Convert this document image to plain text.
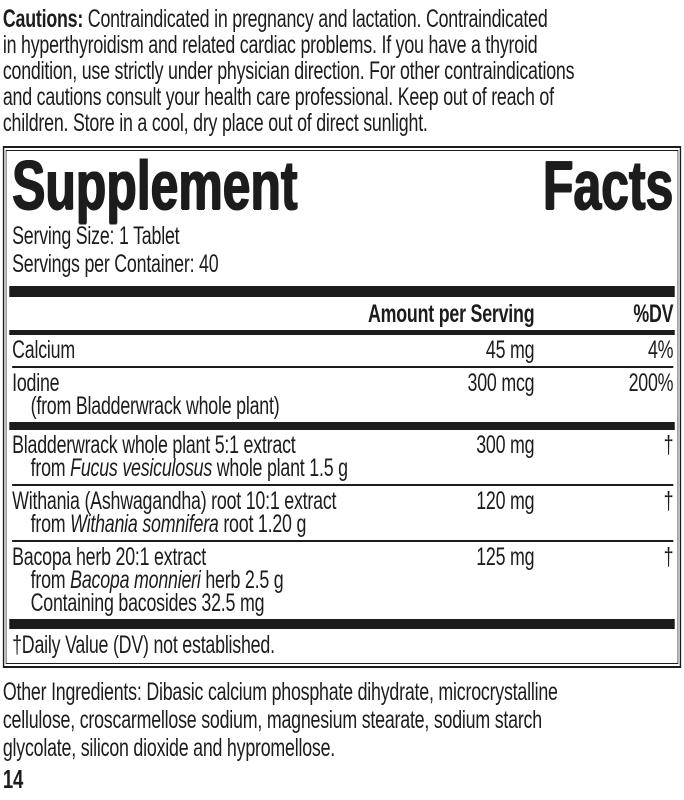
Cautions: Contraindicated in pregnancy and lactation. Contraindicated
in hyperthyroidism and related cardiac problems. If you have a thyroid
condition, use strictly under physician direction. For other contraindications
and cautions consult your health care professional. Keep out of reach of
children. Store in a cool, dry place out of direct sunlight.
Supplement	Facts
Serving Size: 1 Tablet
Servings per Container: 40
Amount per Serving	%DV
Calcium	45 mg	4%
Iodine	300 mcg	200%
(from Bladderwrack whole plant)
Bladderwrack whole plant 5:1 extract	300 mg	†
from Fucus vesiculosus whole plant 1.5 g
Withania (Ashwagandha) root 10:1 extract	120 mg	†
from Withania somnifera root 1.20 g
Bacopa herb 20:1 extract	125 mg	†
from Bacopa monnieri herb 2.5 g
Containing bacosides 32.5 mg
†Daily Value (DV) not established.
Other Ingredients: Dibasic calcium phosphate dihydrate, microcrystalline
cellulose, croscarmellose sodium, magnesium stearate, sodium starch
glycolate, silicon dioxide and hypromellose.
14
